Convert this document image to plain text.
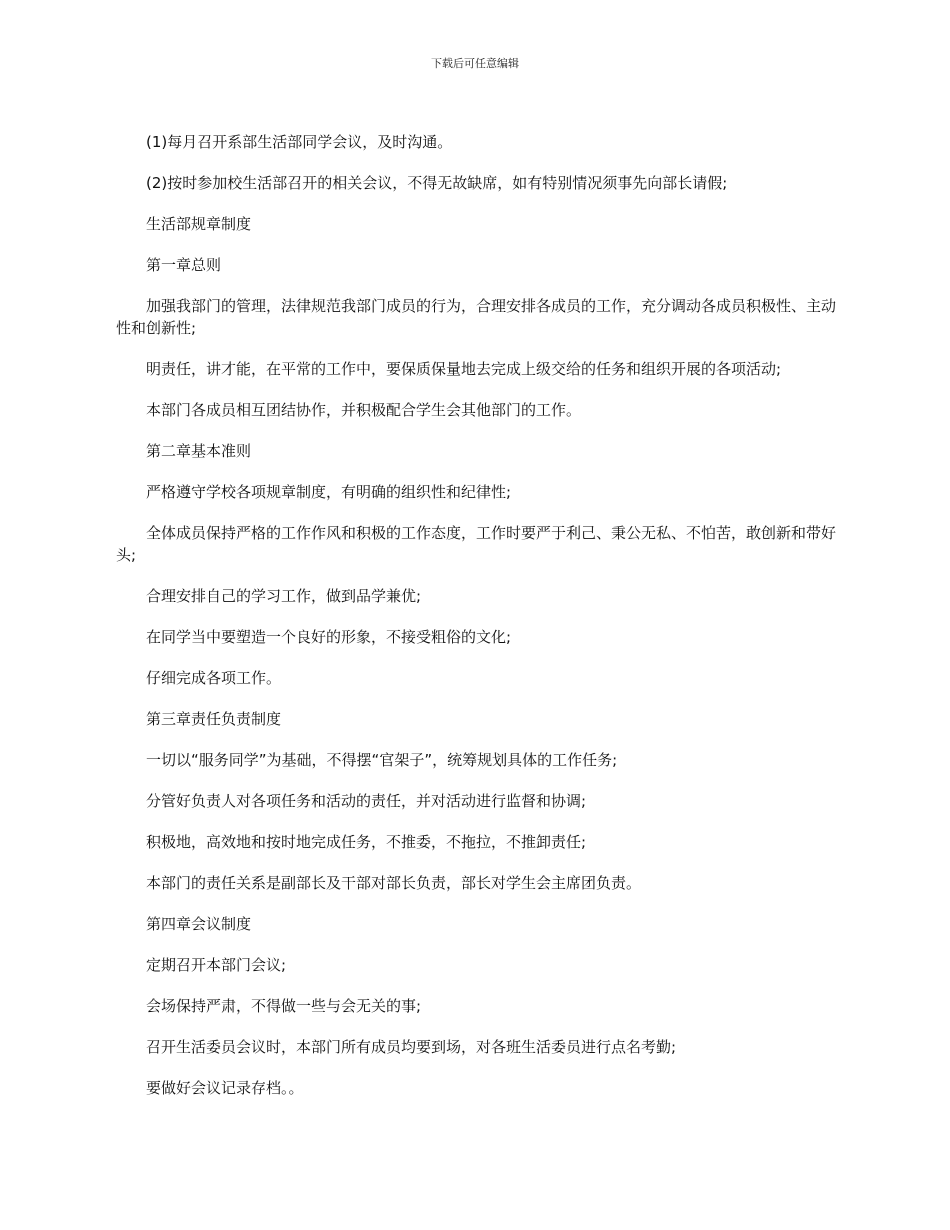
下载后可任意编辑

(1)每月召开系部生活部同学会议，及时沟通。

(2)按时参加校生活部召开的相关会议，不得无故缺席，如有特别情况须事先向部长请假;

生活部规章制度

第一章总则

加强我部门的管理，法律规范我部门成员的行为，合理安排各成员的工作，充分调动各成员积极性、主动性和创新性;

明责任，讲才能，在平常的工作中，要保质保量地去完成上级交给的任务和组织开展的各项活动;

本部门各成员相互团结协作，并积极配合学生会其他部门的工作。

第二章基本准则

严格遵守学校各项规章制度，有明确的组织性和纪律性;

全体成员保持严格的工作作风和积极的工作态度，工作时要严于利己、秉公无私、不怕苦，敢创新和带好头;

合理安排自己的学习工作，做到品学兼优;

在同学当中要塑造一个良好的形象，不接受粗俗的文化;

仔细完成各项工作。

第三章责任负责制度

一切以“服务同学”为基础，不得摆“官架子”，统筹规划具体的工作任务;

分管好负责人对各项任务和活动的责任，并对活动进行监督和协调;

积极地，高效地和按时地完成任务，不推委，不拖拉，不推卸责任;

本部门的责任关系是副部长及干部对部长负责，部长对学生会主席团负责。

第四章会议制度

定期召开本部门会议;

会场保持严肃，不得做一些与会无关的事;

召开生活委员会议时，本部门所有成员均要到场，对各班生活委员进行点名考勤;

要做好会议记录存档。。
